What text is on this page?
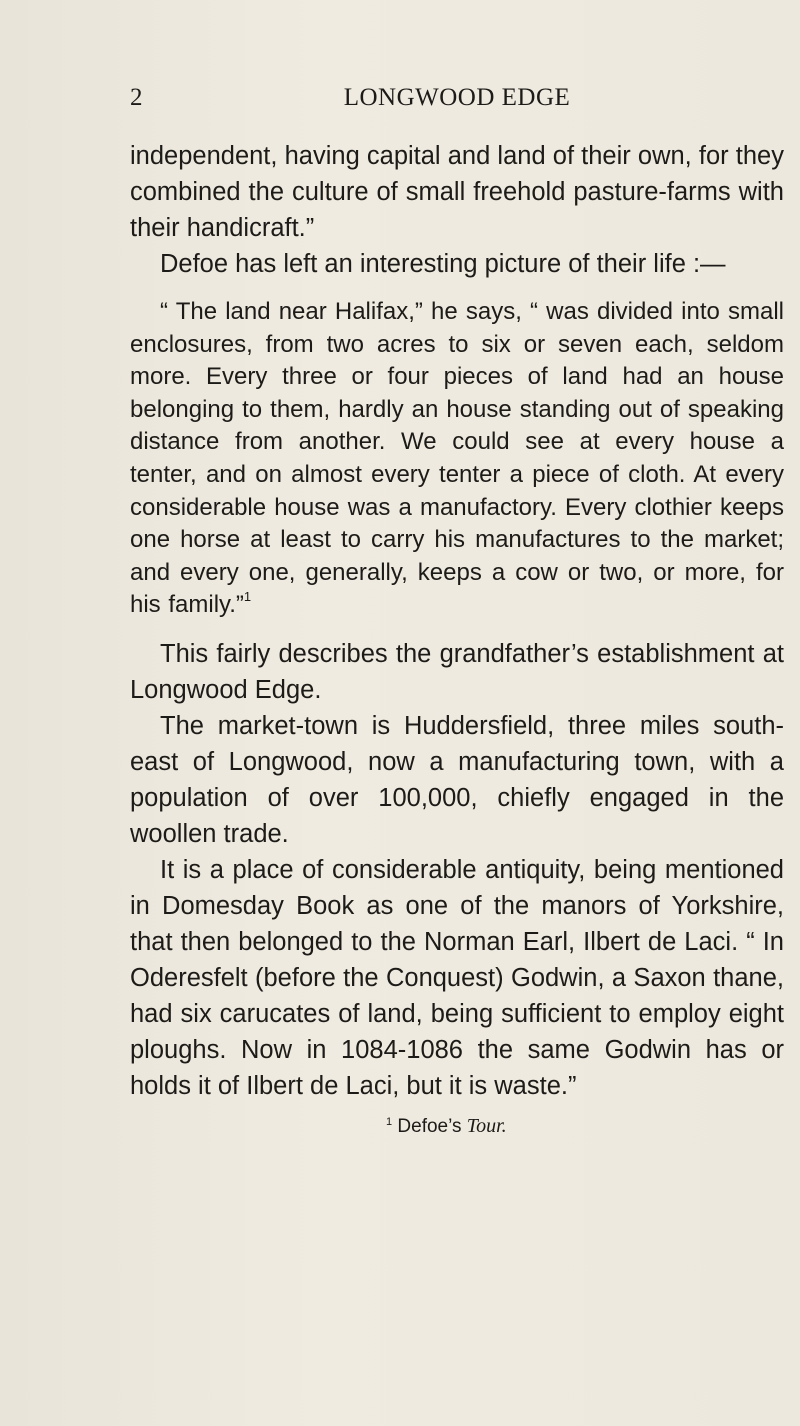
2	LONGWOOD EDGE

independent, having capital and land of their own, for they combined the culture of small freehold pasture-farms with their handicraft.”

Defoe has left an interesting picture of their life :—

“ The land near Halifax,” he says, “ was divided into small enclosures, from two acres to six or seven each, seldom more. Every three or four pieces of land had an house belonging to them, hardly an house standing out of speaking distance from another. We could see at every house a tenter, and on almost every tenter a piece of cloth. At every considerable house was a manufactory. Every clothier keeps one horse at least to carry his manufactures to the market; and every one, generally, keeps a cow or two, or more, for his family.”$^1$

This fairly describes the grandfather’s establishment at Longwood Edge.

The market-town is Huddersfield, three miles south-east of Longwood, now a manufacturing town, with a population of over 100,000, chiefly engaged in the woollen trade.

It is a place of considerable antiquity, being mentioned in Domesday Book as one of the manors of Yorkshire, that then belonged to the Norman Earl, Ilbert de Laci. “ In Oderesfelt (before the Conquest) Godwin, a Saxon thane, had six carucates of land, being sufficient to employ eight ploughs. Now in 1084-1086 the same Godwin has or holds it of Ilbert de Laci, but it is waste.”

$^1$ Defoe’s Tour.
